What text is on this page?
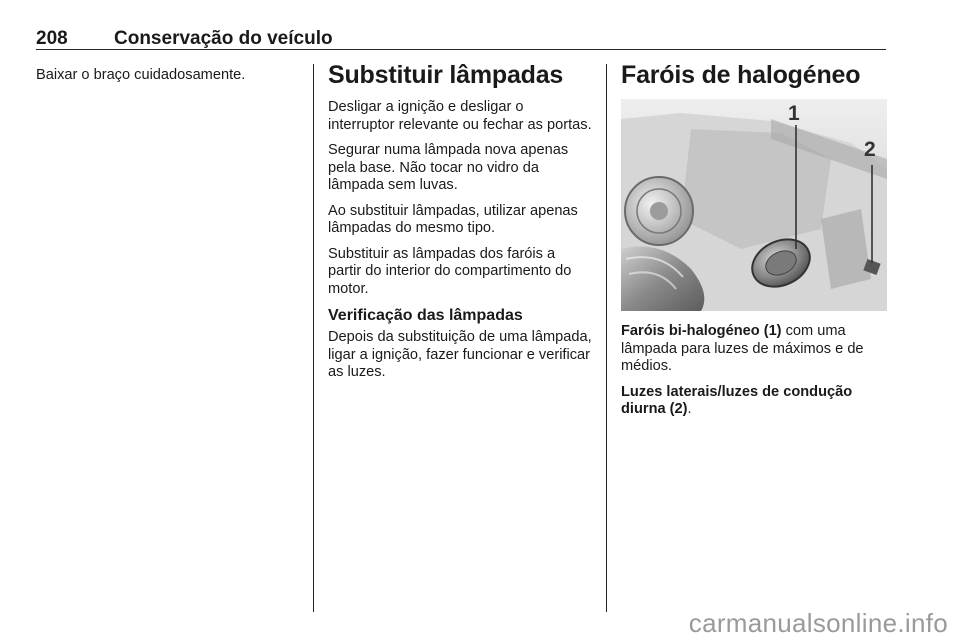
208 Conservação do veículo

Baixar o braço cuidadosamente.	Substituir lâmpadas

Desligar a ignição e desligar o interruptor relevante ou fechar as portas.

Segurar numa lâmpada nova apenas pela base. Não tocar no vidro da lâmpada sem luvas.

Ao substituir lâmpadas, utilizar apenas lâmpadas do mesmo tipo.

Substituir as lâmpadas dos faróis a partir do interior do compartimento do motor.

Verificação das lâmpadas

Depois da substituição de uma lâmpada, ligar a ignição, fazer funcionar e verificar as luzes.

Faróis de halogéneo
1
2

Faróis bi-halogéneo (1) com uma lâmpada para luzes de máximos e de médios.

Luzes laterais/luzes de condução diurna (2).

carmanualsonline.info
